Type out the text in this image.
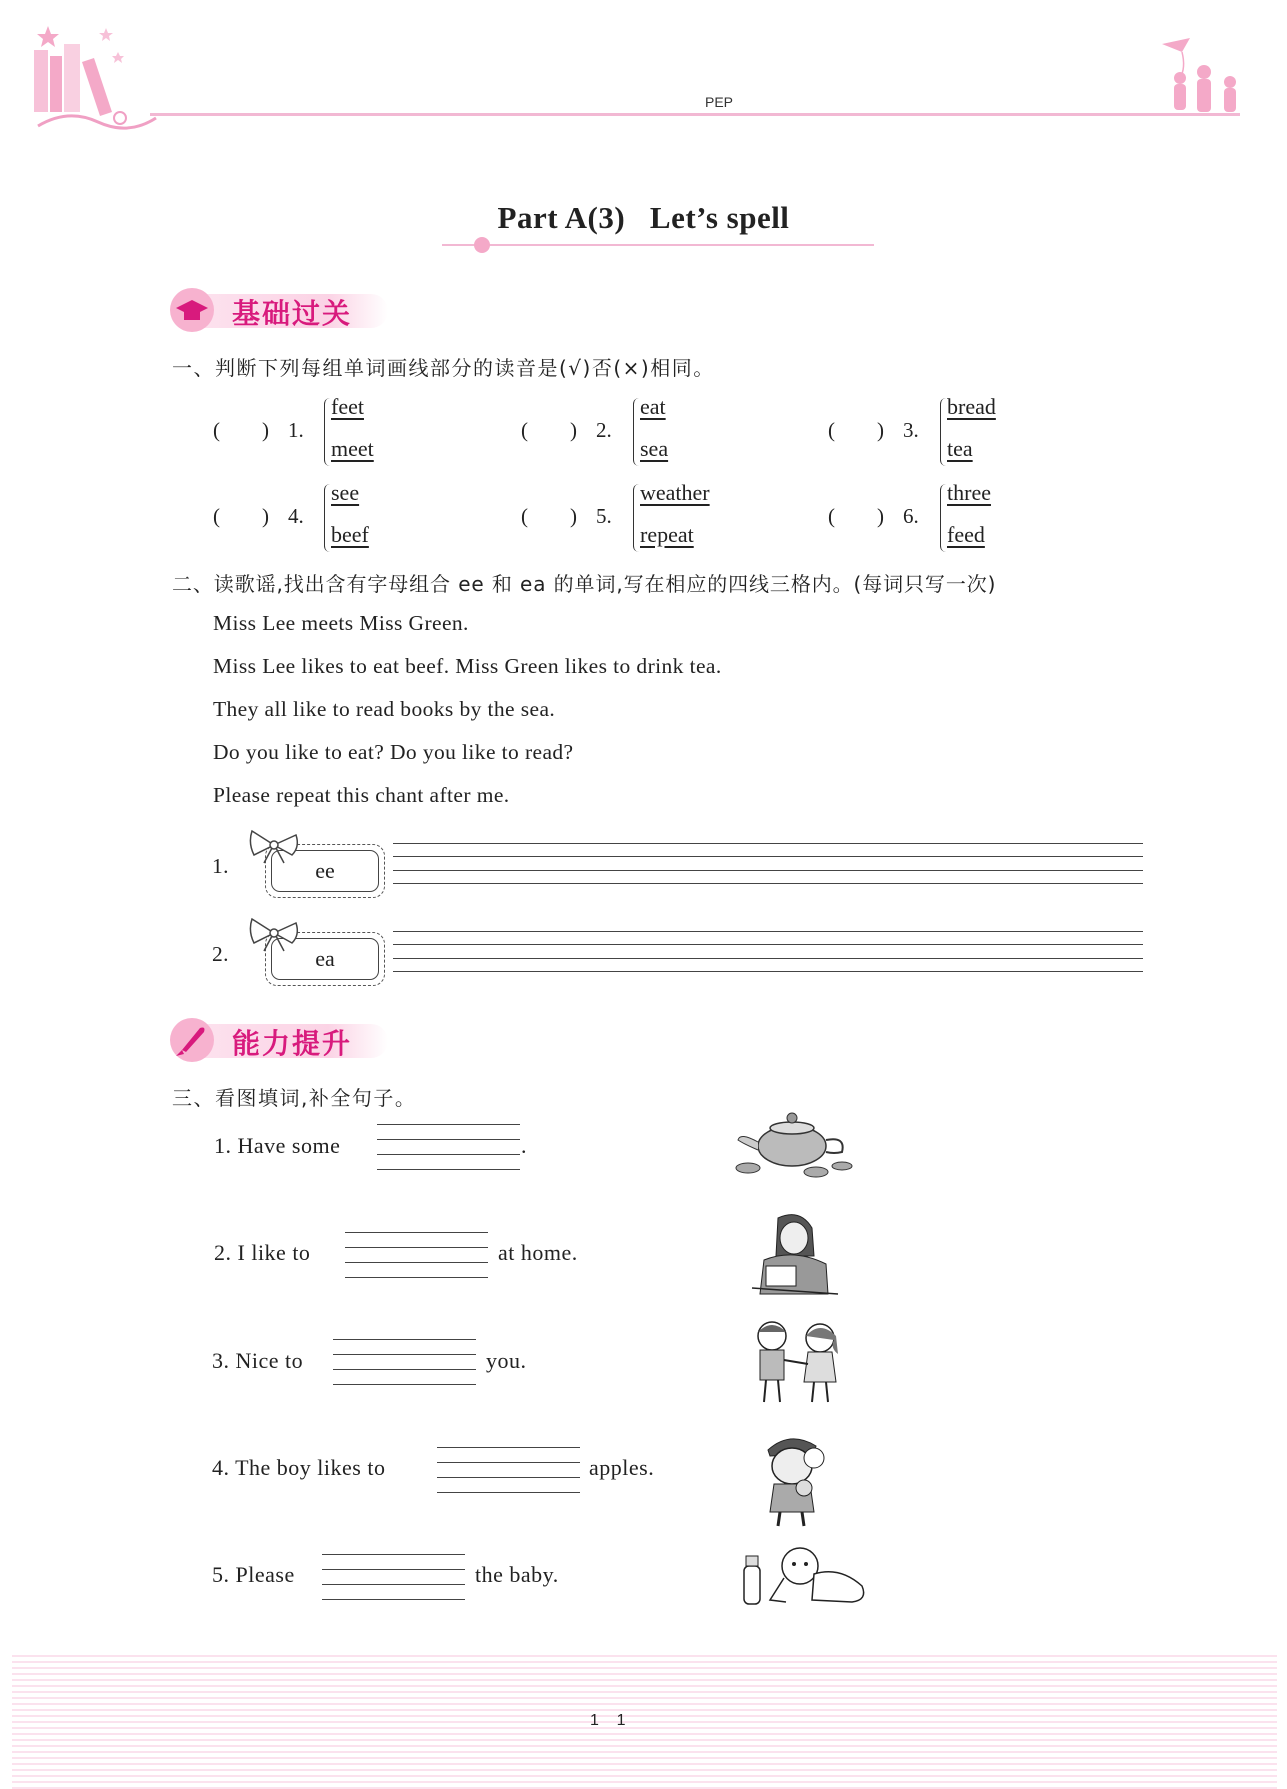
PEP
Part A(3)   Let’s spell
基础过关
一、判断下列每组单词画线部分的读音是(√)否(×)相同。
(        ) 1.
feet
meet
(        ) 2.
eat
sea
(        ) 3.
bread
tea
(        ) 4.
see
beef
(        ) 5.
weather
repeat
(        ) 6.
three
feed
二、读歌谣,找出含有字母组合 ee 和 ea 的单词,写在相应的四线三格内。(每词只写一次)
Miss Lee meets Miss Green.
Miss Lee likes to eat beef. Miss Green likes to drink tea.
They all like to read books by the sea.
Do you like to eat? Do you like to read?
Please repeat this chant after me.
1.	ee
2.	ea
能力提升
三、看图填词,补全句子。
1. Have some	.
2. I like to	at home.
3. Nice to	you.
4. The boy likes to	apples.
5. Please	the baby.
1    1
